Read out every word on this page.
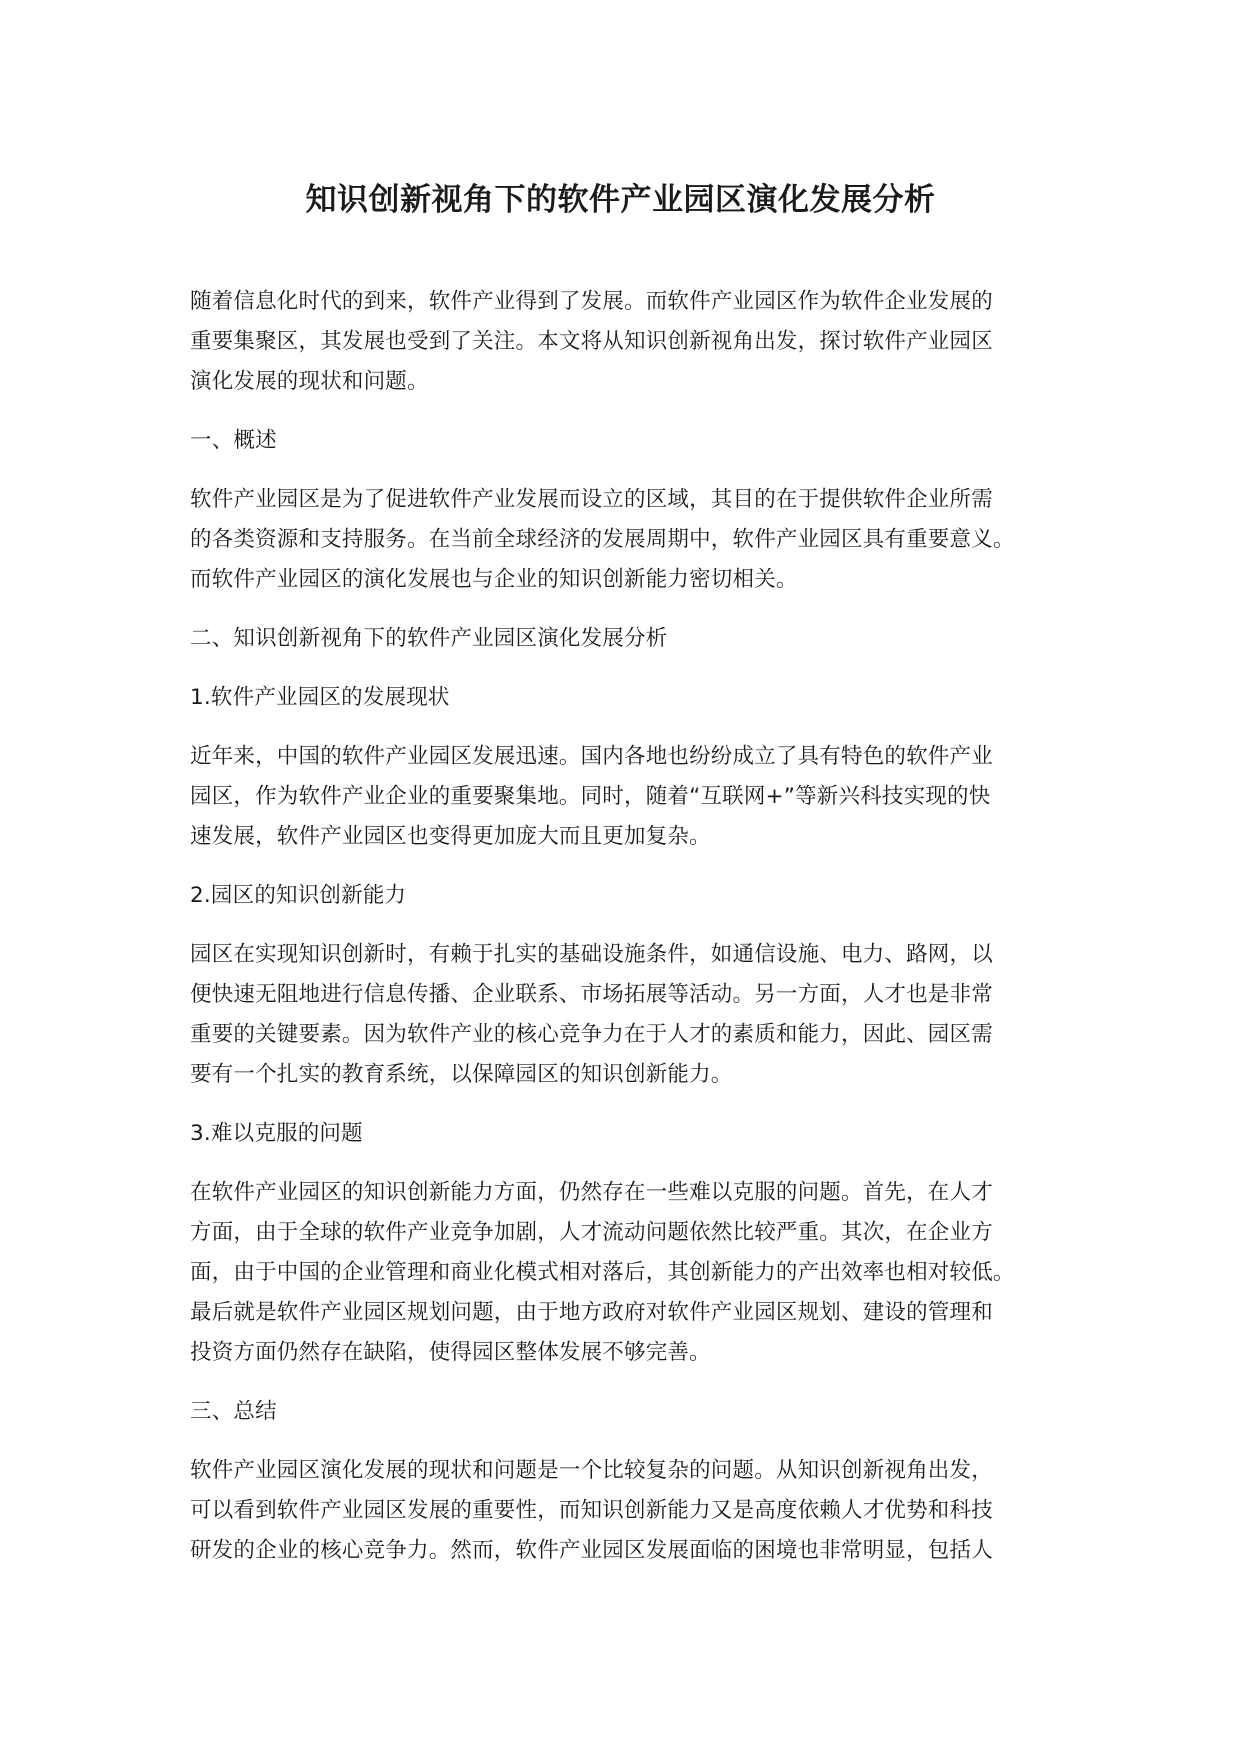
知识创新视角下的软件产业园区演化发展分析
随着信息化时代的到来，软件产业得到了发展。而软件产业园区作为软件企业发展的
重要集聚区，其发展也受到了关注。本文将从知识创新视角出发，探讨软件产业园区
演化发展的现状和问题。
一、概述
软件产业园区是为了促进软件产业发展而设立的区域，其目的在于提供软件企业所需
的各类资源和支持服务。在当前全球经济的发展周期中，软件产业园区具有重要意义。
而软件产业园区的演化发展也与企业的知识创新能力密切相关。
二、知识创新视角下的软件产业园区演化发展分析
1.软件产业园区的发展现状
近年来，中国的软件产业园区发展迅速。国内各地也纷纷成立了具有特色的软件产业
园区，作为软件产业企业的重要聚集地。同时，随着“互联网+”等新兴科技实现的快
速发展，软件产业园区也变得更加庞大而且更加复杂。
2.园区的知识创新能力
园区在实现知识创新时，有赖于扎实的基础设施条件，如通信设施、电力、路网，以
便快速无阻地进行信息传播、企业联系、市场拓展等活动。另一方面，人才也是非常
重要的关键要素。因为软件产业的核心竞争力在于人才的素质和能力，因此、园区需
要有一个扎实的教育系统，以保障园区的知识创新能力。
3.难以克服的问题
在软件产业园区的知识创新能力方面，仍然存在一些难以克服的问题。首先，在人才
方面，由于全球的软件产业竞争加剧，人才流动问题依然比较严重。其次，在企业方
面，由于中国的企业管理和商业化模式相对落后，其创新能力的产出效率也相对较低。
最后就是软件产业园区规划问题，由于地方政府对软件产业园区规划、建设的管理和
投资方面仍然存在缺陷，使得园区整体发展不够完善。
三、总结
软件产业园区演化发展的现状和问题是一个比较复杂的问题。从知识创新视角出发，
可以看到软件产业园区发展的重要性，而知识创新能力又是高度依赖人才优势和科技
研发的企业的核心竞争力。然而，软件产业园区发展面临的困境也非常明显，包括人
